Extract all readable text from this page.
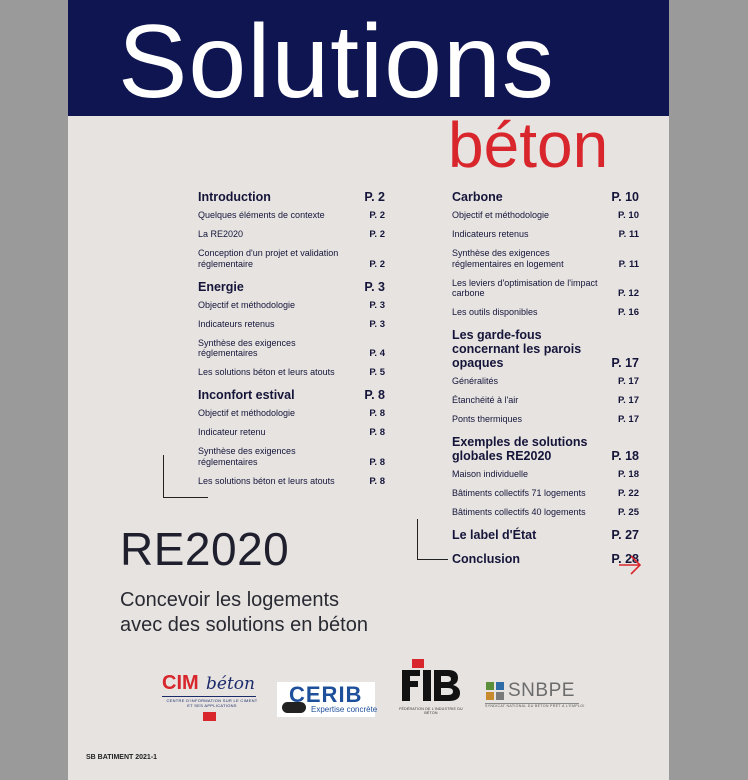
Solutions
béton
Introduction	P. 2
Quelques éléments de contexte	P. 2
La RE2020	P. 2
Conception d'un projet et validation réglementaire	P. 2
Energie	P. 3
Objectif et méthodologie	P. 3
Indicateurs retenus	P. 3
Synthèse des exigences réglementaires	P. 4
Les solutions béton et leurs atouts	P. 5
Inconfort estival	P. 8
Objectif et méthodologie	P. 8
Indicateur retenu	P. 8
Synthèse des exigences réglementaires	P. 8
Les solutions béton et leurs atouts	P. 8
Carbone	P. 10
Objectif et méthodologie	P. 10
Indicateurs retenus	P. 11
Synthèse des exigences réglementaires en logement	P. 11
Les leviers d'optimisation de l'impact carbone	P. 12
Les outils disponibles	P. 16
Les garde-fous concernant les parois opaques	P. 17
Généralités	P. 17
Étanchéité à l'air	P. 17
Ponts thermiques	P. 17
Exemples de solutions globales RE2020	P. 18
Maison individuelle	P. 18
Bâtiments collectifs 71 logements	P. 22
Bâtiments collectifs 40 logements	P. 25
Le label d'État	P. 27
Conclusion	P. 28
RE2020
Concevoir les logements
avec des solutions en béton
CIM béton
CENTRE D'INFORMATION SUR LE CIMENT ET SES APPLICATIONS	CERIB
Expertise concrète	FÉDÉRATION DE L'INDUSTRIE DU BÉTON
SNBPE
SYNDICAT NATIONAL DU BÉTON PRÊT À L'EMPLOI
SB BATIMENT 2021-1
